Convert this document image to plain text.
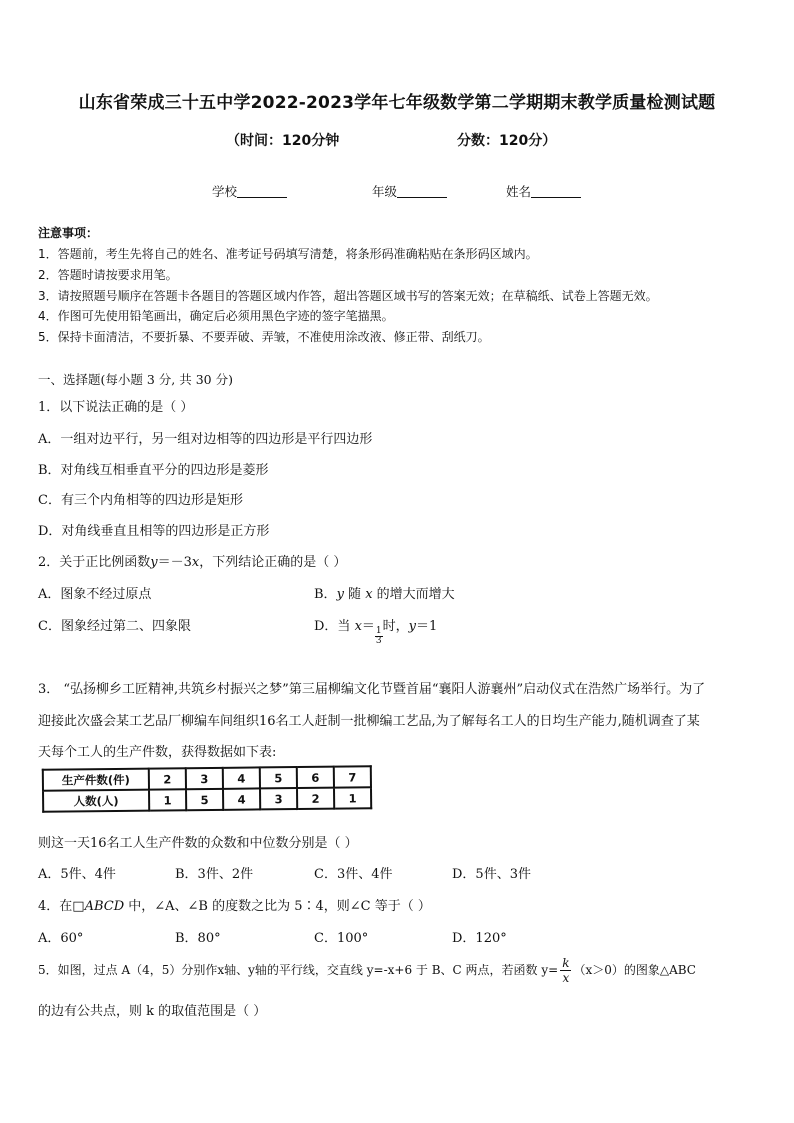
山东省荣成三十五中学2022-2023学年七年级数学第二学期期末教学质量检测试题
（时间：120分钟	分数：120分）
学校	年级	姓名
注意事项：
1．答题前，考生先将自己的姓名、准考证号码填写清楚，将条形码准确粘贴在条形码区域内。
2．答题时请按要求用笔。
3．请按照题号顺序在答题卡各题目的答题区域内作答，超出答题区域书写的答案无效；在草稿纸、试卷上答题无效。
4．作图可先使用铅笔画出，确定后必须用黑色字迹的签字笔描黑。
5．保持卡面清洁，不要折暴、不要弄破、弄皱，不准使用涂改液、修正带、刮纸刀。
一、选择题(每小题 3 分, 共 30 分)
1．以下说法正确的是（ ）
A．一组对边平行，另一组对边相等的四边形是平行四边形
B．对角线互相垂直平分的四边形是菱形
C．有三个内角相等的四边形是矩形
D．对角线垂直且相等的四边形是正方形
2．关于正比例函数y＝－3x，下列结论正确的是（ ）
A．图象不经过原点	B．y 随 x 的增大而增大
C．图象经过第二、四象限	D．当 x＝
$\frac{1}{3}$
时，y＝1
3． “弘扬柳乡工匠精神,共筑乡村振兴之梦”第三届柳编文化节暨首届“襄阳人游襄州”启动仪式在浩然广场举行。为了
迎接此次盛会某工艺品厂柳编车间组织16名工人赶制一批柳编工艺品,为了解每名工人的日均生产能力,随机调查了某
天每个工人的生产件数，获得数据如下表:
生产件数(件)	2	3	4	5	6	7
人数(人)	1	5	4	3	2	1
则这一天16名工人生产件数的众数和中位数分别是（ ）
A．5件、4件	B．3件、2件	C．3件、4件	D．5件、3件
4．在□ABCD 中，∠A、∠B 的度数之比为 5∶4，则∠C 等于（ ）
A．60°	B．80°	C．100°	D．120°
5．如图，过点 A（4，5）分别作x轴、y轴的平行线，交直线 y=-x+6 于 B、C 两点，若函数 $y= \frac{k}{x} (x>0)$的图象△ABC
的边有公共点，则 k 的取值范围是（ ）
